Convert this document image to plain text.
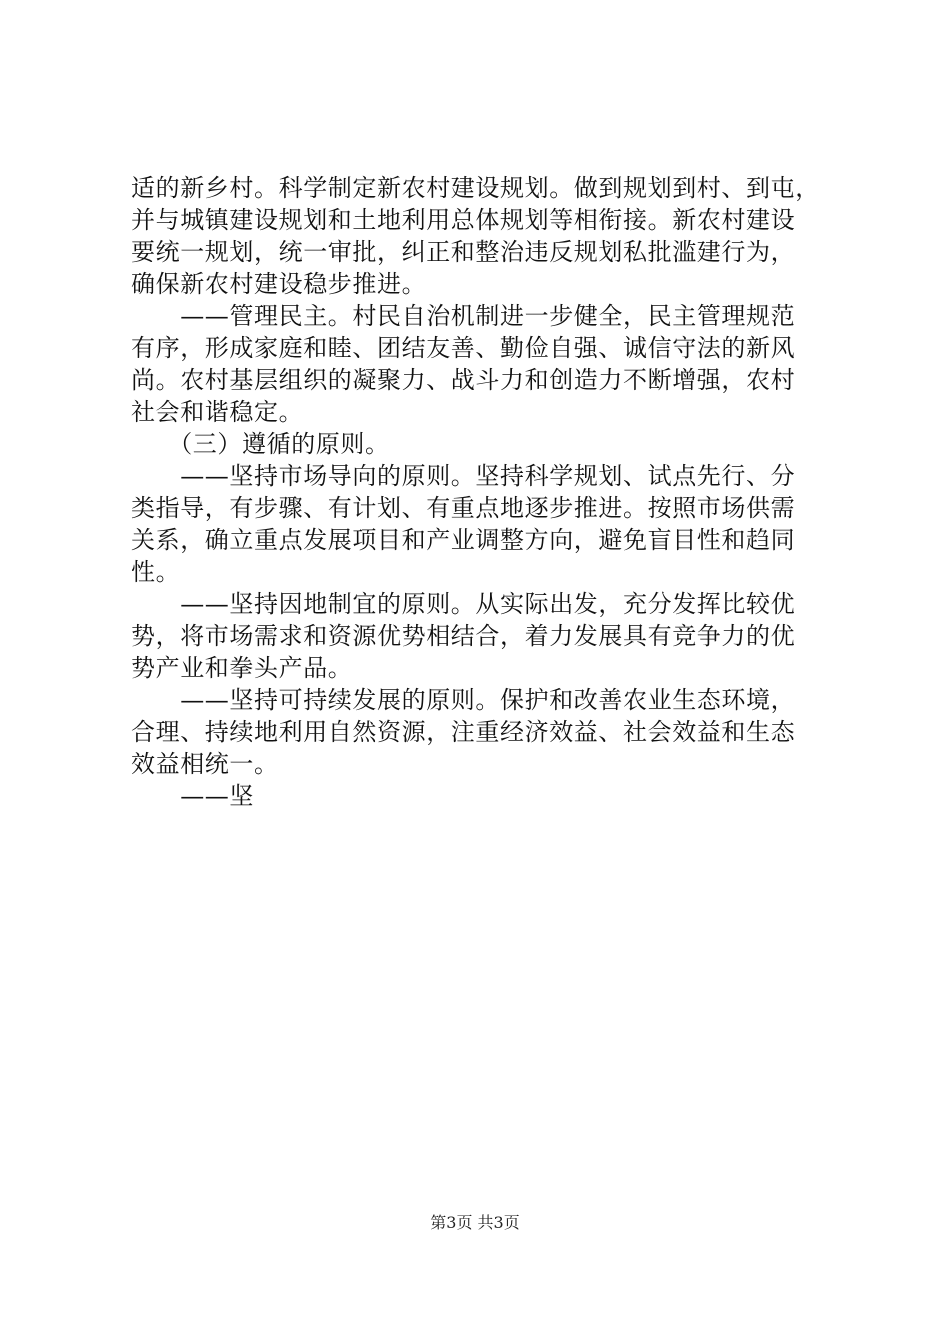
适的新乡村。科学制定新农村建设规划。做到规划到村、到屯，
并与城镇建设规划和土地利用总体规划等相衔接。新农村建设
要统一规划，统一审批，纠正和整治违反规划私批滥建行为，
确保新农村建设稳步推进。
　　——管理民主。村民自治机制进一步健全，民主管理规范
有序，形成家庭和睦、团结友善、勤俭自强、诚信守法的新风
尚。农村基层组织的凝聚力、战斗力和创造力不断增强，农村
社会和谐稳定。
　　（三）遵循的原则。
　　——坚持市场导向的原则。坚持科学规划、试点先行、分
类指导，有步骤、有计划、有重点地逐步推进。按照市场供需
关系，确立重点发展项目和产业调整方向，避免盲目性和趋同
性。
　　——坚持因地制宜的原则。从实际出发，充分发挥比较优
势，将市场需求和资源优势相结合，着力发展具有竞争力的优
势产业和拳头产品。
　　——坚持可持续发展的原则。保护和改善农业生态环境，
合理、持续地利用自然资源，注重经济效益、社会效益和生态
效益相统一。
　　——坚
第3页 共3页
